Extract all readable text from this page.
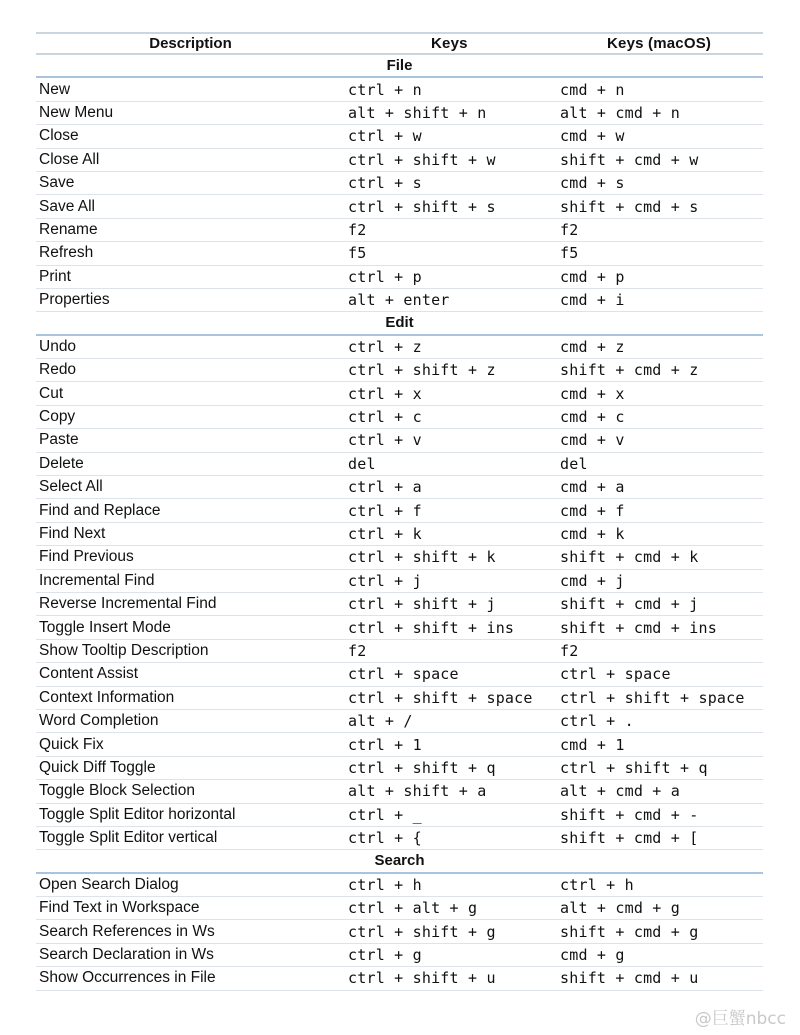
Description	Keys	Keys (macOS)
File
New	ctrl + n	cmd + n
New Menu	alt + shift + n	alt + cmd + n
Close	ctrl + w	cmd + w
Close All	ctrl + shift + w	shift + cmd + w
Save	ctrl + s	cmd + s
Save All	ctrl + shift + s	shift + cmd + s
Rename	f2	f2
Refresh	f5	f5
Print	ctrl + p	cmd + p
Properties	alt + enter	cmd + i
Edit
Undo	ctrl + z	cmd + z
Redo	ctrl + shift + z	shift + cmd + z
Cut	ctrl + x	cmd + x
Copy	ctrl + c	cmd + c
Paste	ctrl + v	cmd + v
Delete	del	del
Select All	ctrl + a	cmd + a
Find and Replace	ctrl + f	cmd + f
Find Next	ctrl + k	cmd + k
Find Previous	ctrl + shift + k	shift + cmd + k
Incremental Find	ctrl + j	cmd + j
Reverse Incremental Find	ctrl + shift + j	shift + cmd + j
Toggle Insert Mode	ctrl + shift + ins	shift + cmd + ins
Show Tooltip Description	f2	f2
Content Assist	ctrl + space	ctrl + space
Context Information	ctrl + shift + space	ctrl + shift + space
Word Completion	alt + /	ctrl + .
Quick Fix	ctrl + 1	cmd + 1
Quick Diff Toggle	ctrl + shift + q	ctrl + shift + q
Toggle Block Selection	alt + shift + a	alt + cmd + a
Toggle Split Editor horizontal	ctrl + _	shift + cmd + -
Toggle Split Editor vertical	ctrl + {	shift + cmd + [
Search
Open Search Dialog	ctrl + h	ctrl + h
Find Text in Workspace	ctrl + alt + g	alt + cmd + g
Search References in Ws	ctrl + shift + g	shift + cmd + g
Search Declaration in Ws	ctrl + g	cmd + g
Show Occurrences in File	ctrl + shift + u	shift + cmd + u
@巨蟹nbcc
